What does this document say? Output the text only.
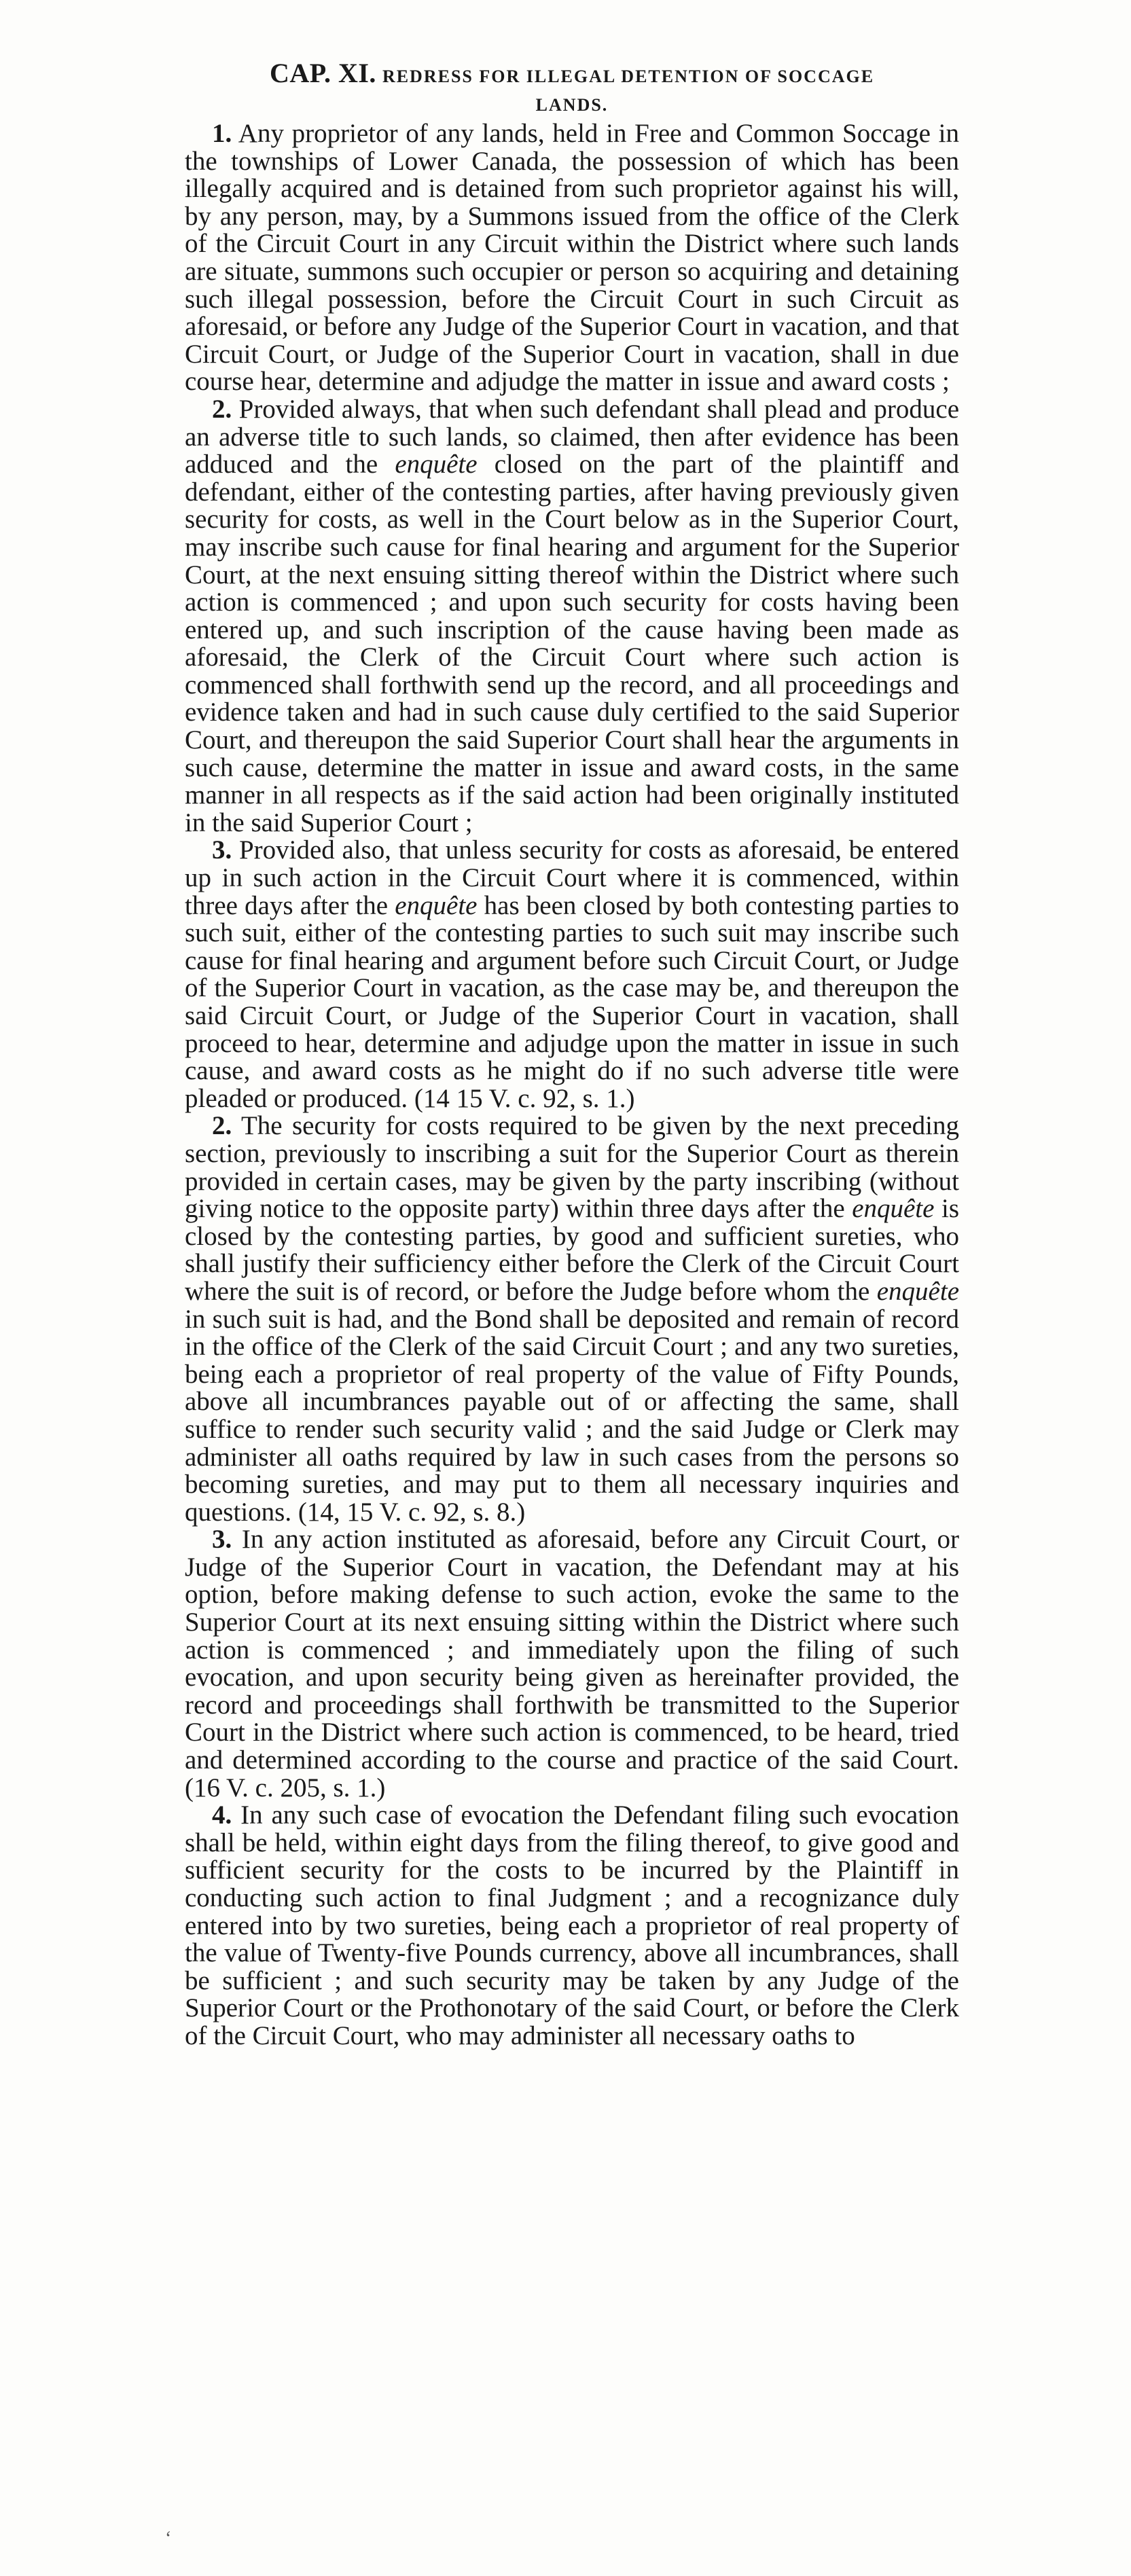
CAP. XI. REDRESS FOR ILLEGAL DETENTION OF SOCCAGE

LANDS.

1. Any proprietor of any lands, held in Free and Common Soccage in the townships of Lower Canada, the possession of which has been illegally acquired and is detained from such proprietor against his will, by any person, may, by a Summons issued from the office of the Clerk of the Circuit Court in any Circuit within the District where such lands are situate, summons such occupier or person so acquiring and detaining such illegal possession, before the Circuit Court in such Circuit as aforesaid, or before any Judge of the Superior Court in vacation, and that Circuit Court, or Judge of the Superior Court in vacation, shall in due course hear, determine and adjudge the matter in issue and award costs ;

2. Provided always, that when such defendant shall plead and produce an adverse title to such lands, so claimed, then after evidence has been adduced and the enquête closed on the part of the plaintiff and defendant, either of the contesting parties, after having previously given security for costs, as well in the Court below as in the Superior Court, may inscribe such cause for final hearing and argument for the Superior Court, at the next ensuing sitting thereof within the District where such action is commenced ; and upon such security for costs having been entered up, and such inscription of the cause having been made as aforesaid, the Clerk of the Circuit Court where such action is commenced shall forthwith send up the record, and all proceedings and evidence taken and had in such cause duly certified to the said Superior Court, and thereupon the said Superior Court shall hear the arguments in such cause, determine the matter in issue and award costs, in the same manner in all respects as if the said action had been originally instituted in the said Superior Court ;

3. Provided also, that unless security for costs as aforesaid, be entered up in such action in the Circuit Court where it is commenced, within three days after the enquête has been closed by both contesting parties to such suit, either of the contesting parties to such suit may inscribe such cause for final hearing and argument before such Circuit Court, or Judge of the Superior Court in vacation, as the case may be, and thereupon the said Circuit Court, or Judge of the Superior Court in vacation, shall proceed to hear, determine and adjudge upon the matter in issue in such cause, and award costs as he might do if no such adverse title were pleaded or produced. (14 15 V. c. 92, s. 1.)

2. The security for costs required to be given by the next preceding section, previously to inscribing a suit for the Superior Court as therein provided in certain cases, may be given by the party inscribing (without giving notice to the opposite party) within three days after the enquête is closed by the contesting parties, by good and sufficient sureties, who shall justify their sufficiency either before the Clerk of the Circuit Court where the suit is of record, or before the Judge before whom the enquête in such suit is had, and the Bond shall be deposited and remain of record in the office of the Clerk of the said Circuit Court ; and any two sureties, being each a proprietor of real property of the value of Fifty Pounds, above all incumbrances payable out of or affecting the same, shall suffice to render such security valid ; and the said Judge or Clerk may administer all oaths required by law in such cases from the persons so becoming sureties, and may put to them all necessary inquiries and questions. (14, 15 V. c. 92, s. 8.)

3. In any action instituted as aforesaid, before any Circuit Court, or Judge of the Superior Court in vacation, the Defendant may at his option, before making defense to such action, evoke the same to the Superior Court at its next ensuing sitting within the District where such action is commenced ; and immediately upon the filing of such evocation, and upon security being given as hereinafter provided, the record and proceedings shall forthwith be transmitted to the Superior Court in the District where such action is commenced, to be heard, tried and determined according to the course and practice of the said Court. (16 V. c. 205, s. 1.)

4. In any such case of evocation the Defendant filing such evocation shall be held, within eight days from the filing thereof, to give good and sufficient security for the costs to be incurred by the Plaintiff in conducting such action to final Judgment ; and a recognizance duly entered into by two sureties, being each a proprietor of real property of the value of Twenty-five Pounds currency, above all incumbrances, shall be sufficient ; and such security may be taken by any Judge of the Superior Court or the Prothonotary of the said Court, or before the Clerk of the Circuit Court, who may administer all necessary oaths to

ʻ
